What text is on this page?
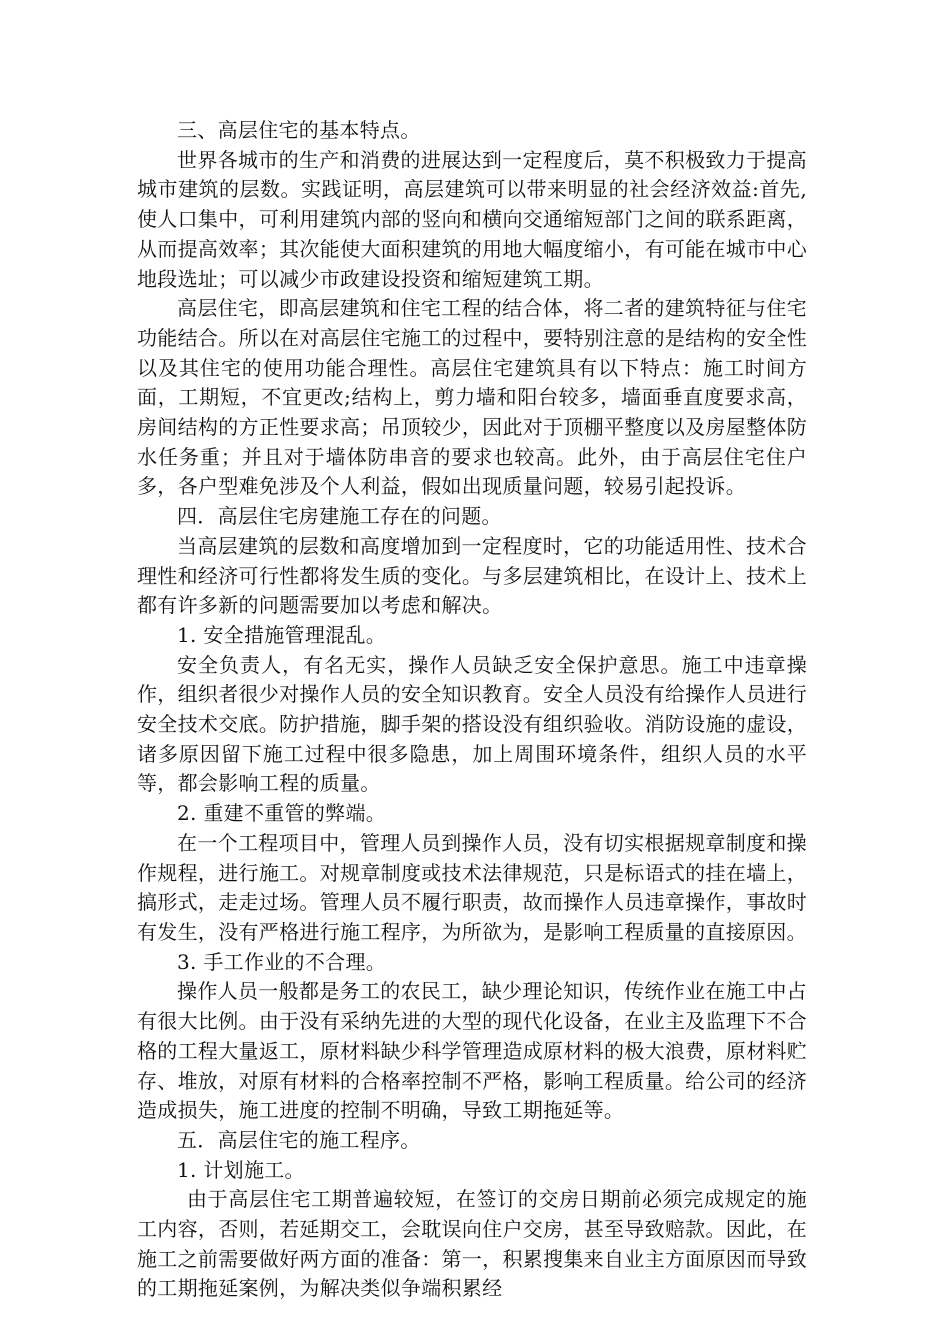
三、高层住宅的基本特点。

世界各城市的生产和消费的进展达到一定程度后，莫不积极致力于提高城市建筑的层数。实践证明，高层建筑可以带来明显的社会经济效益:首先,使人口集中，可利用建筑内部的竖向和横向交通缩短部门之间的联系距离，从而提高效率；其次能使大面积建筑的用地大幅度缩小，有可能在城市中心地段选址；可以减少市政建设投资和缩短建筑工期。

高层住宅，即高层建筑和住宅工程的结合体，将二者的建筑特征与住宅功能结合。所以在对高层住宅施工的过程中，要特别注意的是结构的安全性以及其住宅的使用功能合理性。高层住宅建筑具有以下特点：施工时间方面，工期短，不宜更改;结构上，剪力墙和阳台较多，墙面垂直度要求高，房间结构的方正性要求高；吊顶较少，因此对于顶棚平整度以及房屋整体防水任务重；并且对于墙体防串音的要求也较高。此外，由于高层住宅住户多，各户型难免涉及个人利益，假如出现质量问题，较易引起投诉。

四．高层住宅房建施工存在的问题。

当高层建筑的层数和高度增加到一定程度时，它的功能适用性、技术合理性和经济可行性都将发生质的变化。与多层建筑相比，在设计上、技术上都有许多新的问题需要加以考虑和解决。

1. 安全措施管理混乱。

安全负责人，有名无实，操作人员缺乏安全保护意思。施工中违章操作，组织者很少对操作人员的安全知识教育。安全人员没有给操作人员进行安全技术交底。防护措施，脚手架的搭设没有组织验收。消防设施的虚设，诸多原因留下施工过程中很多隐患，加上周围环境条件，组织人员的水平等，都会影响工程的质量。

2. 重建不重管的弊端。

在一个工程项目中，管理人员到操作人员，没有切实根据规章制度和操作规程，进行施工。对规章制度或技术法律规范，只是标语式的挂在墙上，搞形式，走走过场。管理人员不履行职责，故而操作人员违章操作，事故时有发生，没有严格进行施工程序，为所欲为，是影响工程质量的直接原因。

3. 手工作业的不合理。

操作人员一般都是务工的农民工，缺少理论知识，传统作业在施工中占有很大比例。由于没有采纳先进的大型的现代化设备，在业主及监理下不合格的工程大量返工，原材料缺少科学管理造成原材料的极大浪费，原材料贮存、堆放，对原有材料的合格率控制不严格，影响工程质量。给公司的经济造成损失，施工进度的控制不明确，导致工期拖延等。

五．高层住宅的施工程序。

1. 计划施工。

由于高层住宅工期普遍较短，在签订的交房日期前必须完成规定的施工内容，否则，若延期交工，会耽误向住户交房，甚至导致赔款。因此，在施工之前需要做好两方面的准备：第一，积累搜集来自业主方面原因而导致的工期拖延案例，为解决类似争端积累经
